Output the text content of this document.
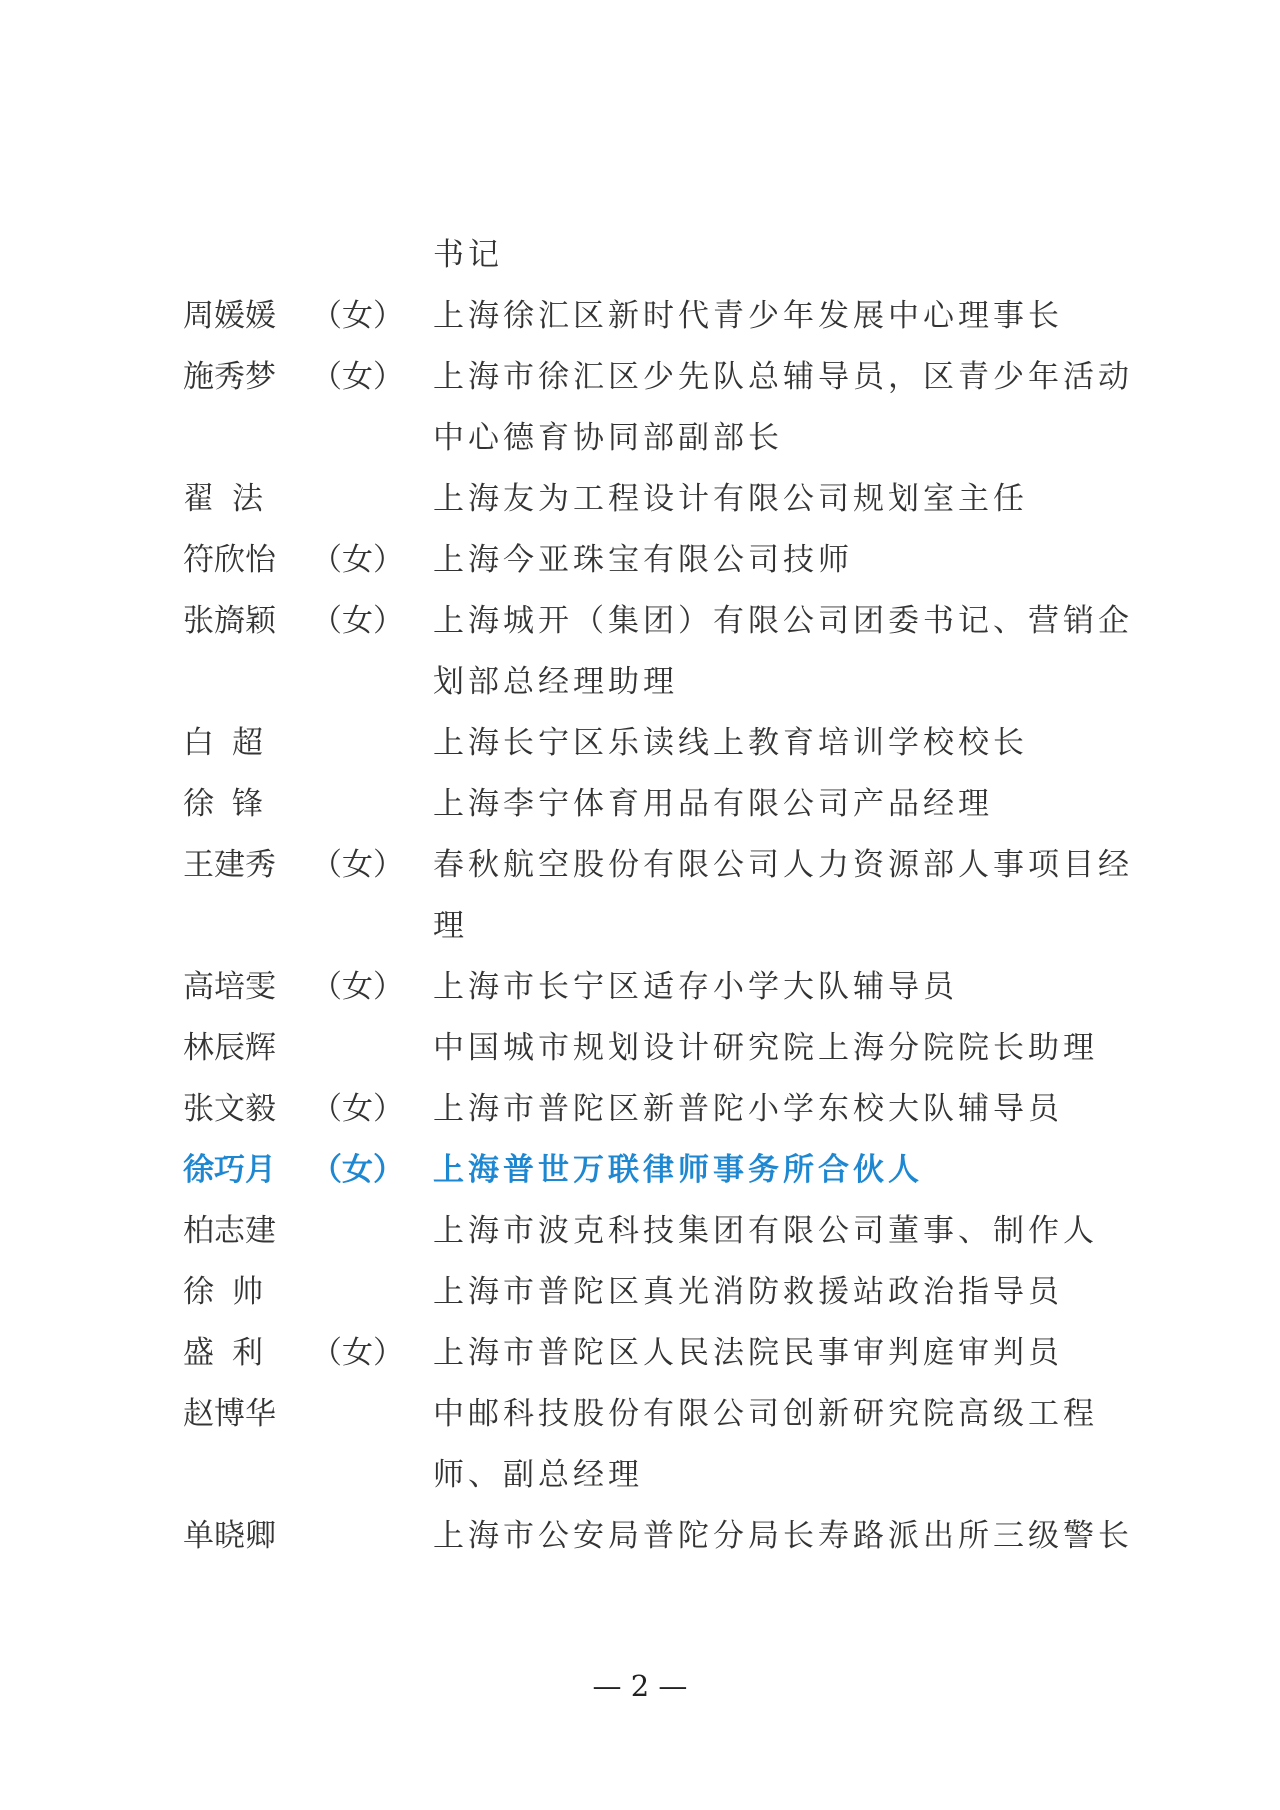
书记
周媛媛	（女） 上海徐汇区新时代青少年发展中心理事长
施秀梦	（女） 上海市徐汇区少先队总辅导员，区青少年活动中心德育协同部副部长
翟法	上海友为工程设计有限公司规划室主任
符欣怡	（女） 上海今亚珠宝有限公司技师
张旖颖	（女） 上海城开（集团）有限公司团委书记、营销企划部总经理助理
白超	上海长宁区乐读线上教育培训学校校长
徐锋	上海李宁体育用品有限公司产品经理
王建秀	（女） 春秋航空股份有限公司人力资源部人事项目经理
高培雯	（女） 上海市长宁区适存小学大队辅导员
林辰辉	中国城市规划设计研究院上海分院院长助理
张文毅	（女） 上海市普陀区新普陀小学东校大队辅导员
徐巧月	（女） 上海普世万联律师事务所合伙人
柏志建	上海市波克科技集团有限公司董事、制作人
徐帅	上海市普陀区真光消防救援站政治指导员
盛利 （女） 上海市普陀区人民法院民事审判庭审判员
赵博华	中邮科技股份有限公司创新研究院高级工程师、副总经理
单晓卿	上海市公安局普陀分局长寿路派出所三级警长
— 2 —
